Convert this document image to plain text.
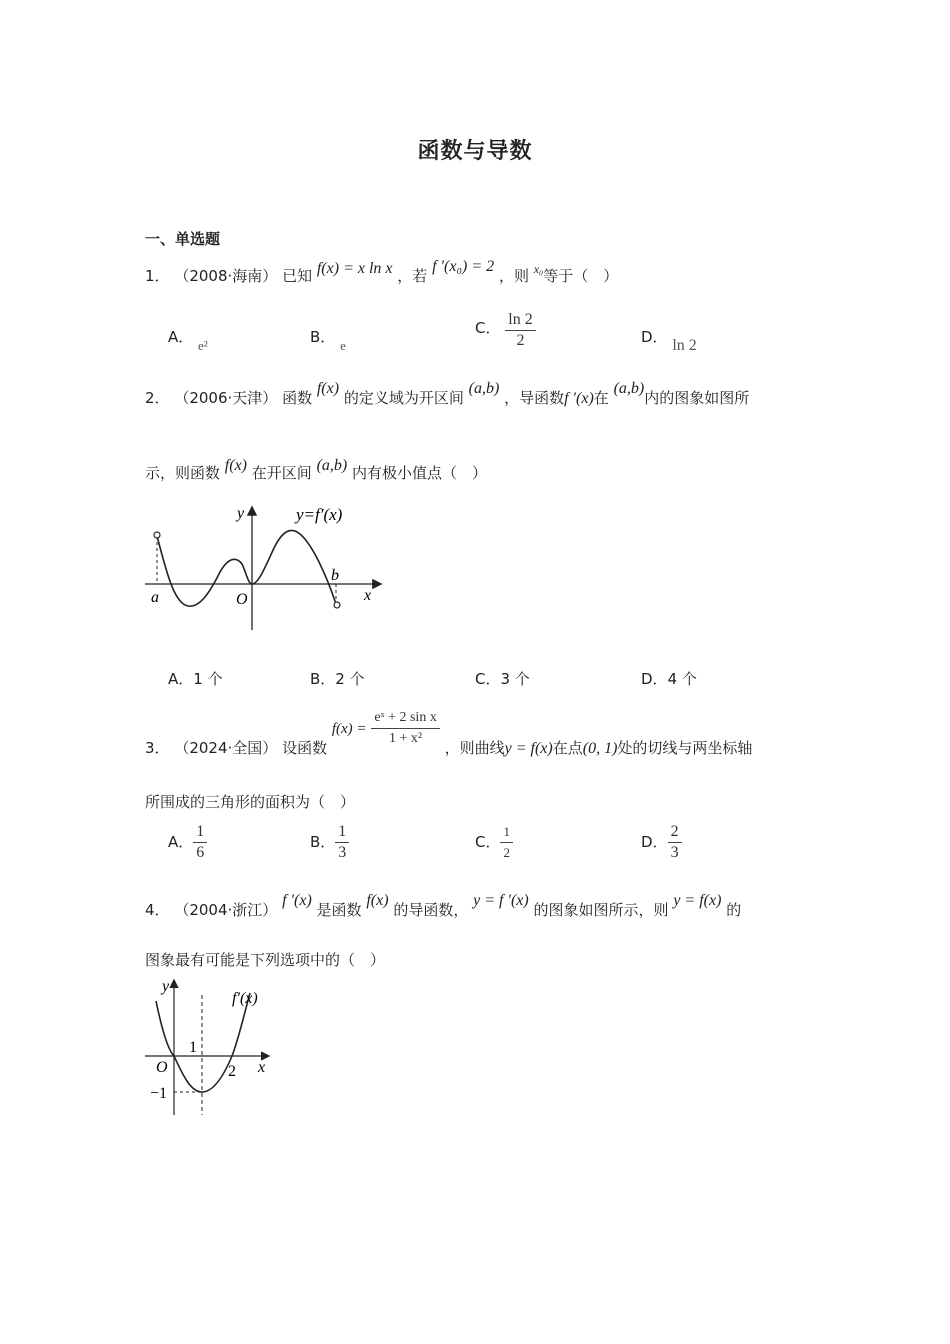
函数与导数
一、单选题
1． （2008·海南） 已知 f(x) = x ln x ，若 f ′(x₀) = 2 ，则 $^{x_0}$等于（　）
A． e²	B． e
C． $\frac{\ln 2}{2}$	D． ln 2
2． （2006·天津） 函数 f(x) 的定义域为开区间 (a,b) ，导函数f ′(x)在 (a,b)内的图象如图所
示，则函数 f(x) 在开区间 (a,b) 内有极小值点（　）
y	y=f′(x)
a	O
b
x
A．1 个	B．2 个	C．3 个	D．4 个
3． （2024·全国） 设函数 $f(x) = \frac{\text{eˣ + 2 sin x}}{\text{1 + x²}}$ ，则曲线y = f(x)在点(0, 1)处的切线与两坐标轴
所围成的三角形的面积为（　）
A． $\frac{1}{6}$	B． $\frac{1}{3}$	C． $\frac{1}{2}$	D． $\frac{2}{3}$
4． （2004·浙江） f ′(x) 是函数 f(x) 的导函数， y = f ′(x) 的图象如图所示，则 y = f(x) 的
图象最有可能是下列选项中的（　）
y
f′(x)
1
O	2 x
−1
